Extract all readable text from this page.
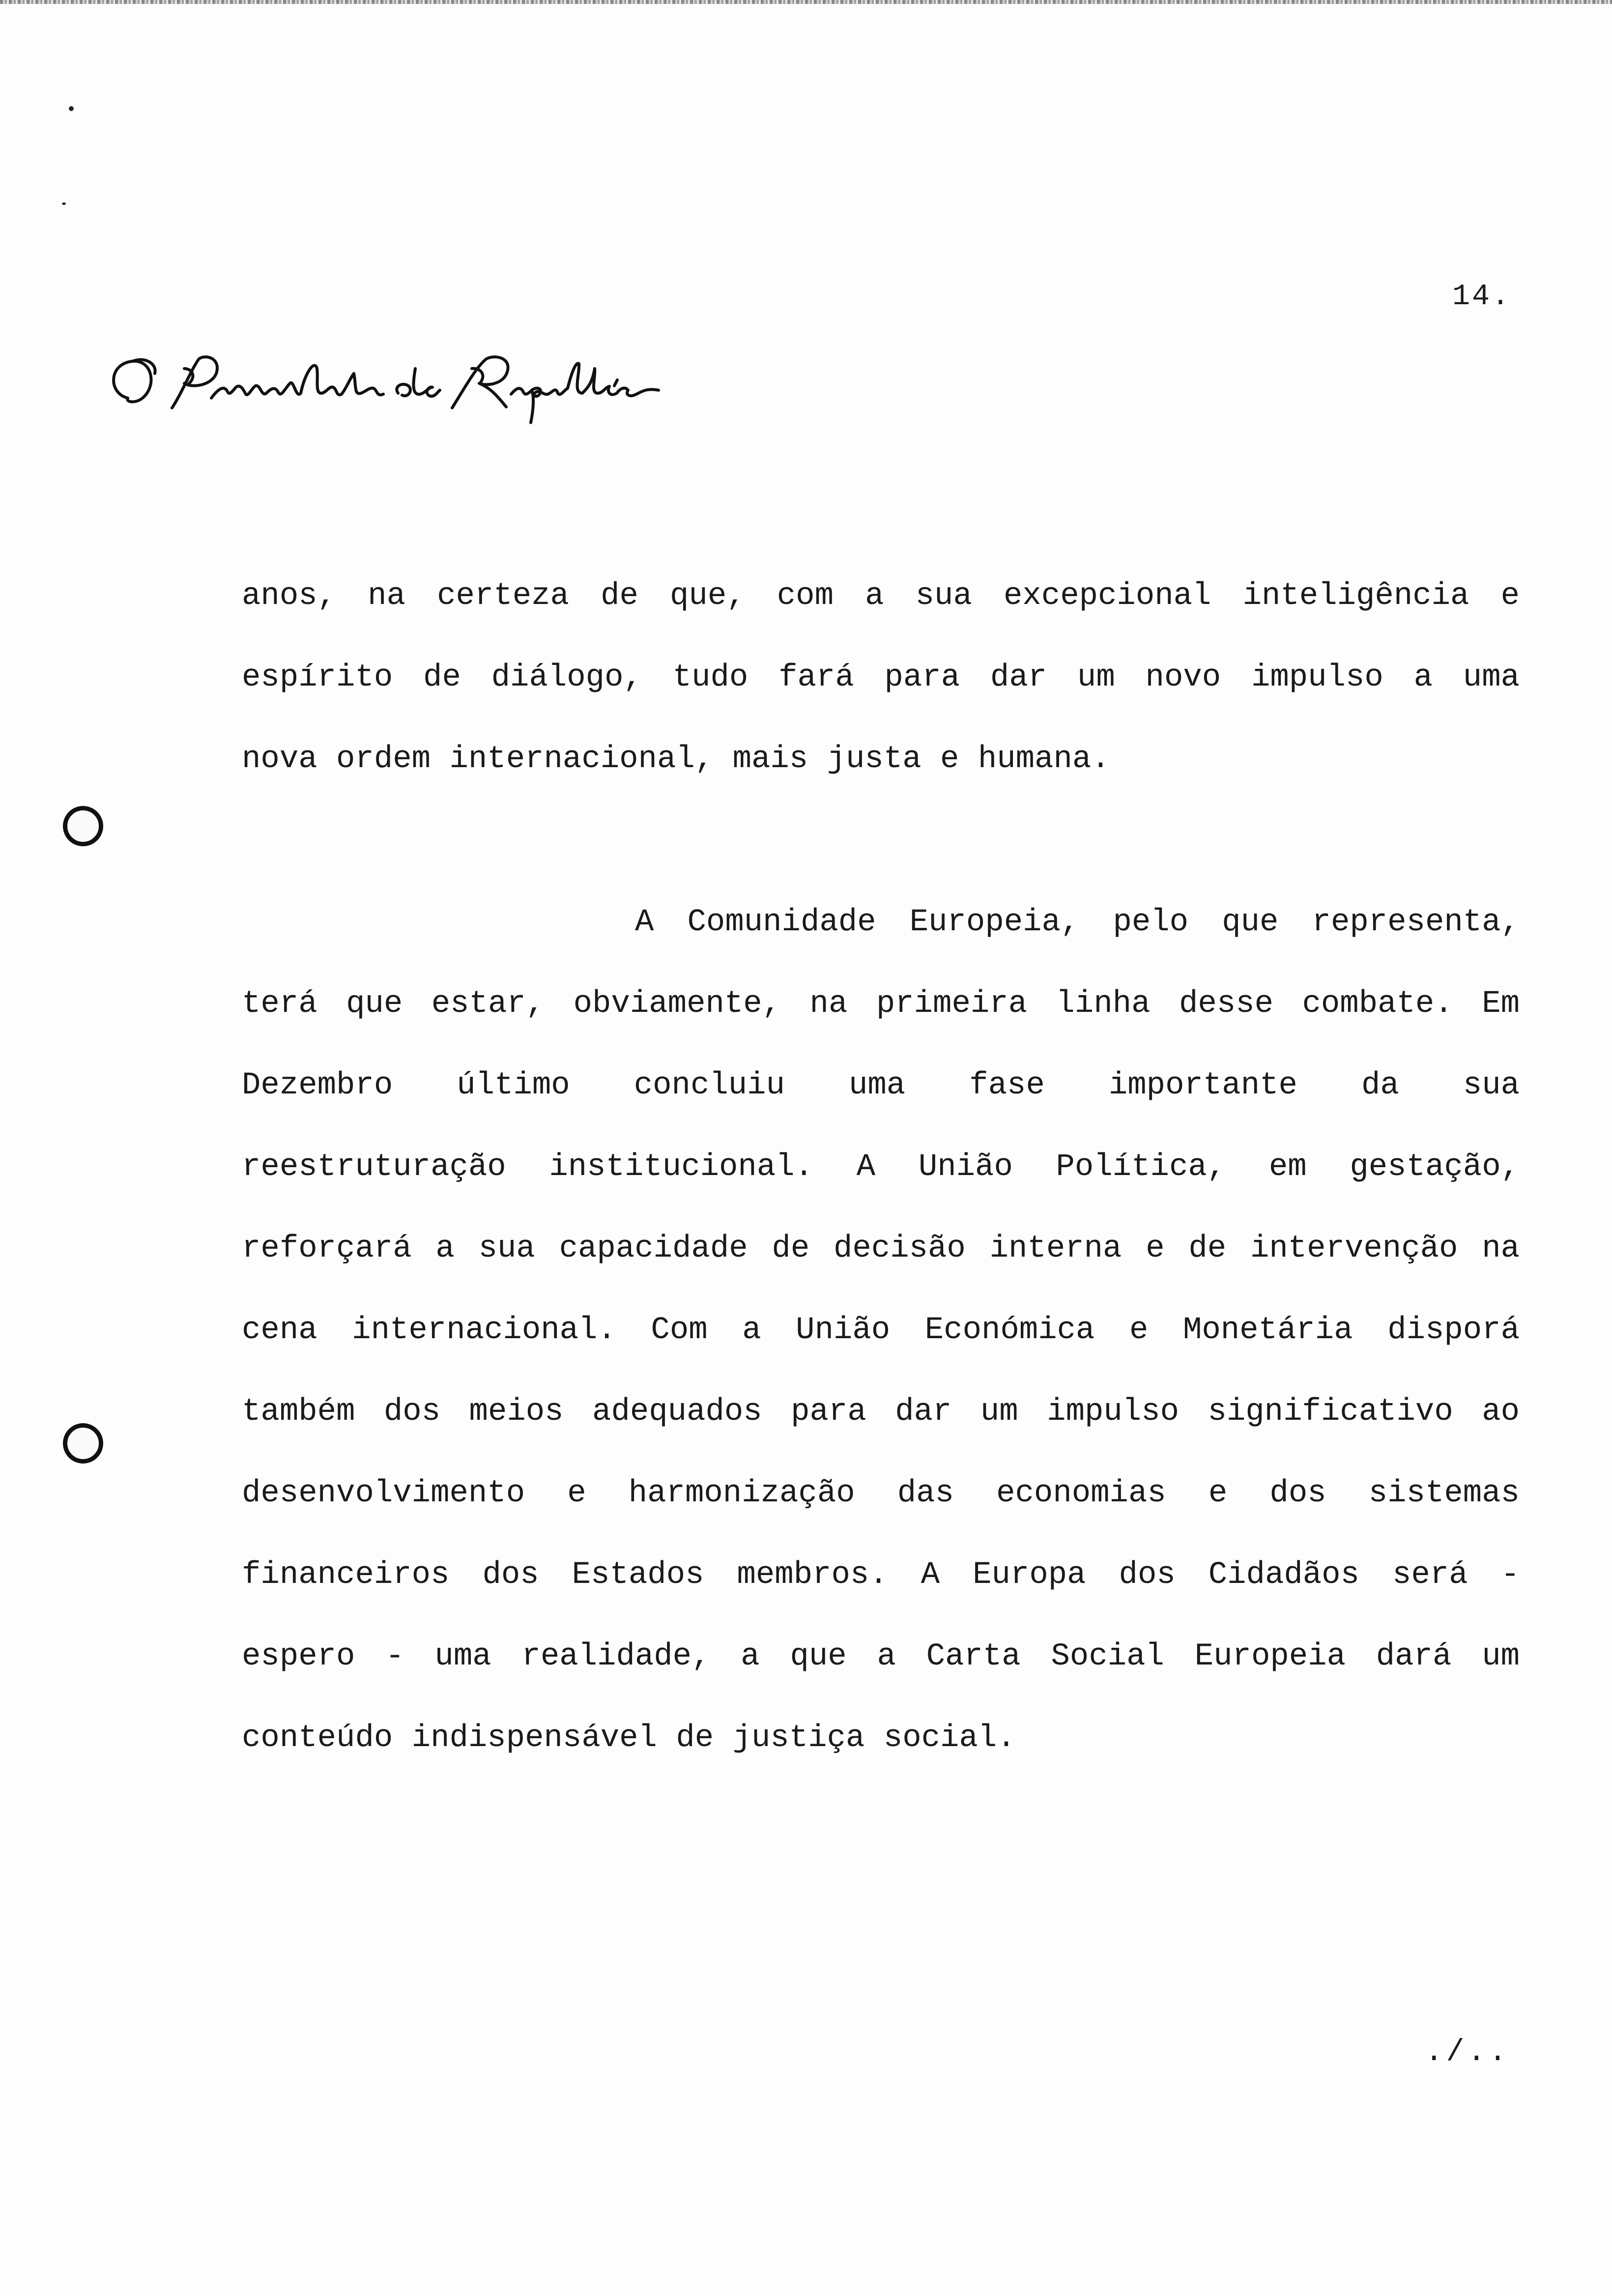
14.
anos, na certeza de que, com a sua excepcional inteligência e
espírito de diálogo, tudo fará para dar um novo impulso a uma
nova ordem internacional, mais justa e humana.
A Comunidade Europeia, pelo que representa,
terá que estar, obviamente, na primeira linha desse combate. Em
Dezembro último concluiu uma fase importante da sua
reestruturação institucional. A União Política, em gestação,
reforçará a sua capacidade de decisão interna e de intervenção na
cena internacional. Com a União Económica e Monetária disporá
também dos meios adequados para dar um impulso significativo ao
desenvolvimento e harmonização das economias e dos sistemas
financeiros dos Estados membros. A Europa dos Cidadãos será -
espero - uma realidade, a que a Carta Social Europeia dará um
conteúdo indispensável de justiça social.
./..
